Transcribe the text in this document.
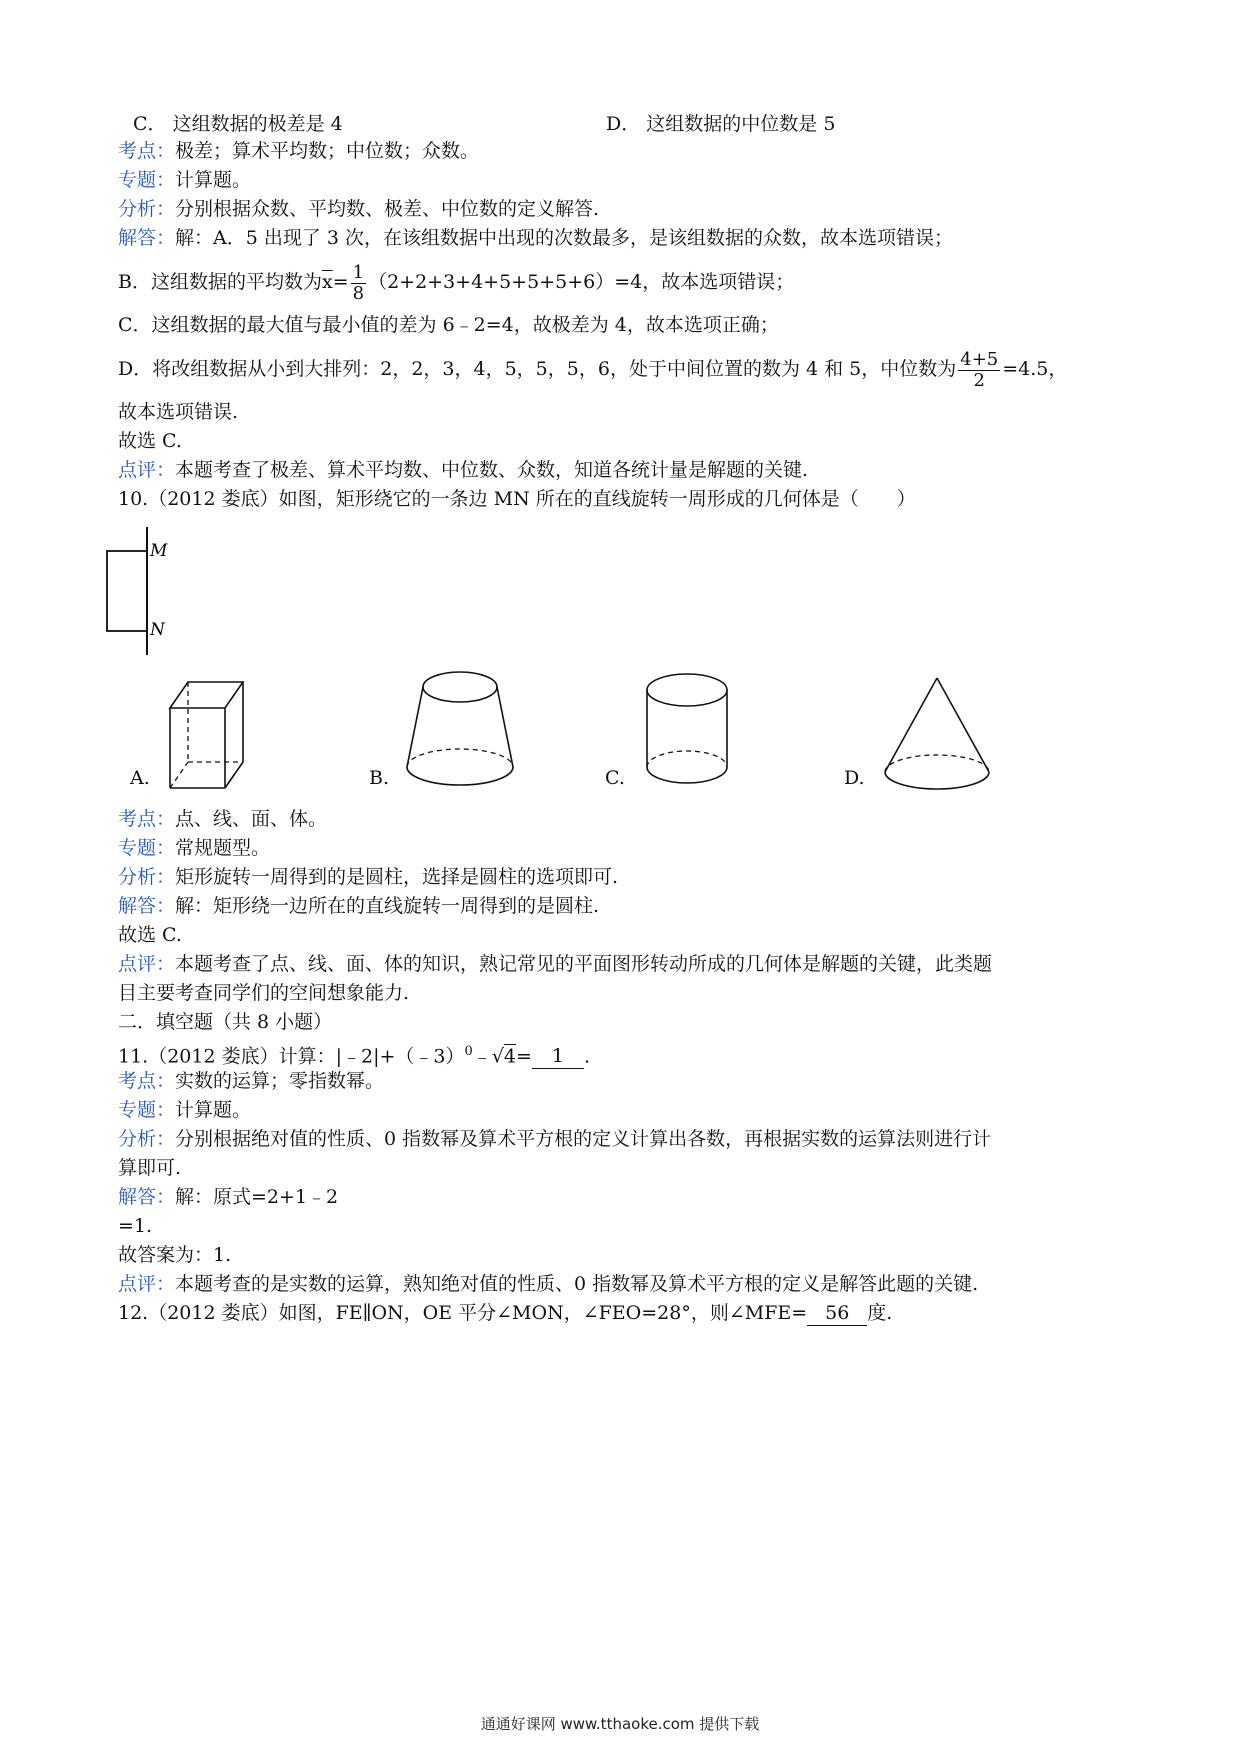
C． 这组数据的极差是 4	D． 这组数据的中位数是 5
考点：极差；算术平均数；中位数；众数。
专题：计算题。
分析：分别根据众数、平均数、极差、中位数的定义解答.
解答：解：A．5 出现了 3 次，在该组数据中出现的次数最多，是该组数据的众数，故本选项错误；
B．这组数据的平均数为$\overline{x}= \frac{1}{8} (2+2+3+4+5+5+5+6)=4$，故本选项错误；
C．这组数据的最大值与最小值的差为 6﹣2=4，故极差为 4，故本选项正确；
D．将改组数据从小到大排列：2，2，3，4，5，5，5，6，处于中间位置的数为 4 和 5，中位数为 $\frac{4+5}{2} =4.5$，
故本选项错误.
故选 C.
点评：本题考查了极差、算术平均数、中位数、众数，知道各统计量是解题的关键.
10.（2012 娄底）如图，矩形绕它的一条边 MN 所在的直线旋转一周形成的几何体是（　　）
M
N
A.	B.	C.	D.
考点：点、线、面、体。
专题：常规题型。
分析：矩形旋转一周得到的是圆柱，选择是圆柱的选项即可.
解答：解：矩形绕一边所在的直线旋转一周得到的是圆柱.
故选 C.
点评：本题考查了点、线、面、体的知识，熟记常见的平面图形转动所成的几何体是解题的关键，此类题
目主要考查同学们的空间想象能力.
二．填空题（共 8 小题）
11.（2012 娄底）计算：|﹣2|+（﹣3）$^0$﹣√4= 1 .
考点：实数的运算；零指数幂。
专题：计算题。
分析：分别根据绝对值的性质、0 指数幂及算术平方根的定义计算出各数，再根据实数的运算法则进行计
算即可.
解答：解：原式=2+1﹣2
=1.
故答案为：1.
点评：本题考查的是实数的运算，熟知绝对值的性质、0 指数幂及算术平方根的定义是解答此题的关键.
12.（2012 娄底）如图，FE∥ON，OE 平分∠MON，∠FEO=28°，则∠MFE= 56 度.
通通好课网 www.tthaoke.com 提供下载
